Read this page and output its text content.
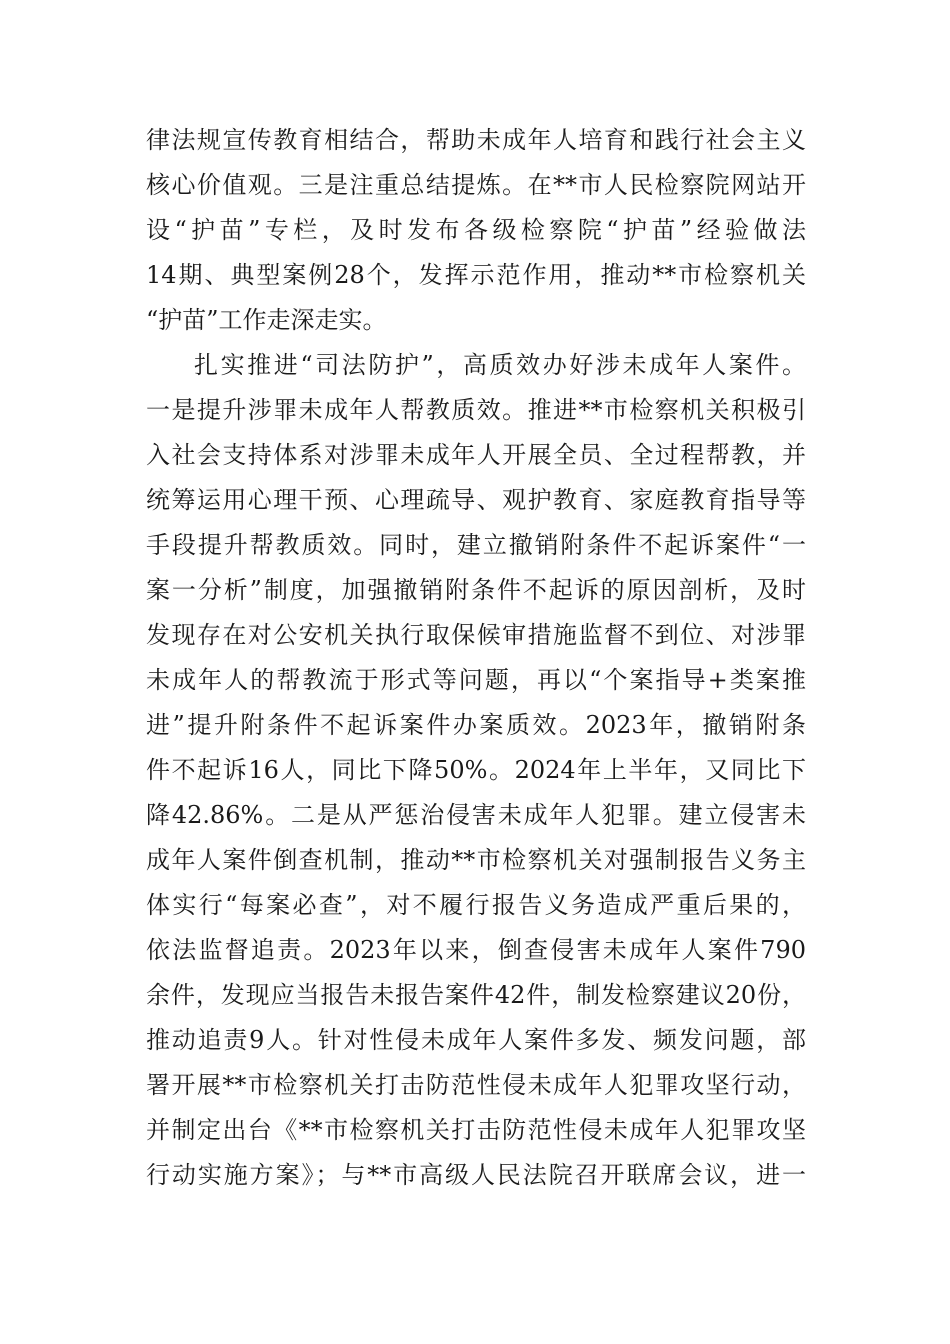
律法规宣传教育相结合，帮助未成年人培育和践行社会主义
核心价值观。三是注重总结提炼。在**市人民检察院网站开
设“护苗”专栏，及时发布各级检察院“护苗”经验做法
14期、典型案例28个，发挥示范作用，推动**市检察机关
“护苗”工作走深走实。
扎实推进“司法防护”，高质效办好涉未成年人案件。
一是提升涉罪未成年人帮教质效。推进**市检察机关积极引
入社会支持体系对涉罪未成年人开展全员、全过程帮教，并
统筹运用心理干预、心理疏导、观护教育、家庭教育指导等
手段提升帮教质效。同时，建立撤销附条件不起诉案件“一
案一分析”制度，加强撤销附条件不起诉的原因剖析，及时
发现存在对公安机关执行取保候审措施监督不到位、对涉罪
未成年人的帮教流于形式等问题，再以“个案指导+类案推
进”提升附条件不起诉案件办案质效。2023年，撤销附条
件不起诉16人，同比下降50%。2024年上半年，又同比下
降42.86%。二是从严惩治侵害未成年人犯罪。建立侵害未
成年人案件倒查机制，推动**市检察机关对强制报告义务主
体实行“每案必查”，对不履行报告义务造成严重后果的，
依法监督追责。2023年以来，倒查侵害未成年人案件790
余件，发现应当报告未报告案件42件，制发检察建议20份，
推动追责9人。针对性侵未成年人案件多发、频发问题，部
署开展**市检察机关打击防范性侵未成年人犯罪攻坚行动，
并制定出台《**市检察机关打击防范性侵未成年人犯罪攻坚
行动实施方案》；与**市高级人民法院召开联席会议，进一
